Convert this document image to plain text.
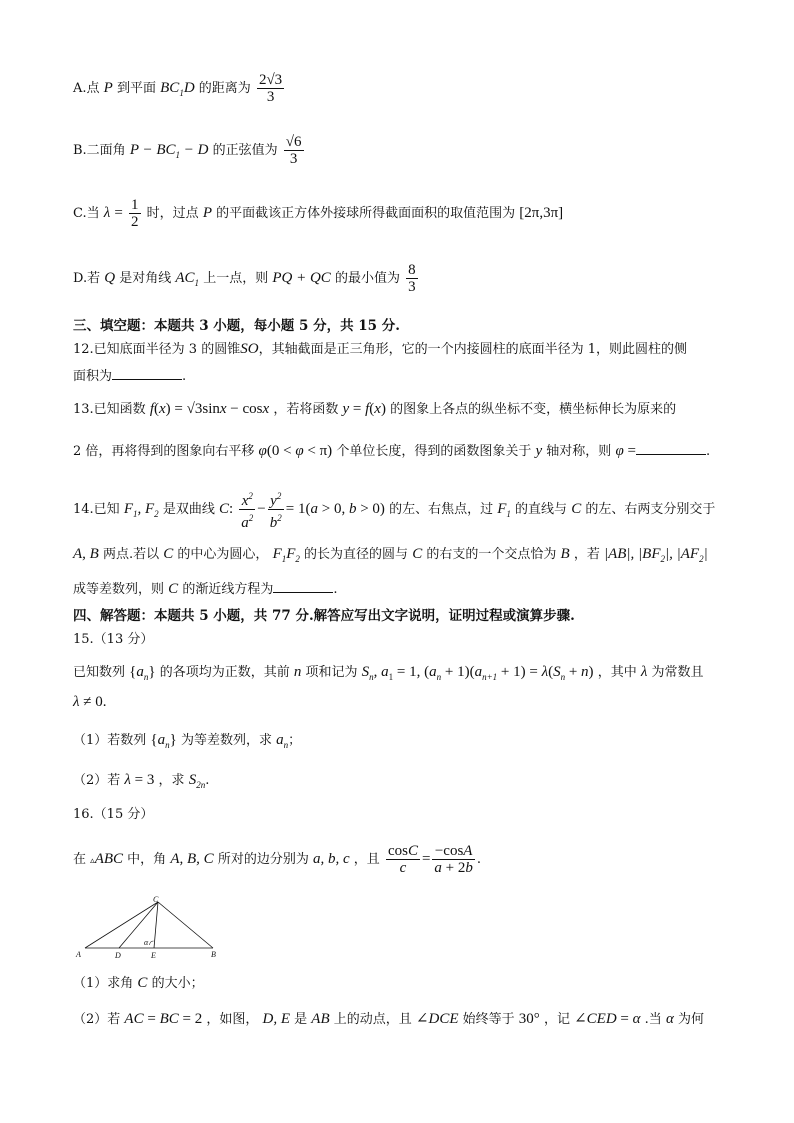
A.点 P 到平面 $BC_1D$ 的距离为 $\frac{2√3}{3}$
B.二面角 $P - BC_1 - D$ 的正弦值为 $\frac{√6}{3}$
C.当 $\lambda = \frac{1}{2}$ 时，过点 P 的平面截该正方体外接球所得截面面积的取值范围为 [2π,3π]
D.若 Q 是对角线 $AC_1$ 上一点，则 PQ + QC 的最小值为 $\frac{8}{3}$
三、填空题：本题共 3 小题，每小题 5 分，共 15 分.
12.已知底面半径为 3 的圆锥SO，其轴截面是正三角形，它的一个内接圆柱的底面半径为 1，则此圆柱的侧
面积为	.
13.已知函数 f(x) = √3sinx − cosx ，若将函数 y = f(x) 的图象上各点的纵坐标不变，横坐标伸长为原来的
2 倍，再将得到的图象向右平移 φ(0 < φ < π) 个单位长度，得到的函数图象关于 y 轴对称，则 φ =	.
14.已知 $F_1$, $F_2$ 是双曲线 C: $\frac{x^2}{a^2} - \frac{y^2}{b^2} = 1(a > 0$, b > 0) 的左、右焦点，过 $F_1$ 的直线与 C 的左、右两支分别交于
A, B 两点.若以 C 的中心为圆心， $F_1F_2$ 的长为直径的圆与 C 的右支的一个交点恰为 B ，若 |AB|, $|BF_2|$, $|AF_2|$
成等差数列，则 C 的渐近线方程为	.
四、解答题：本题共 5 小题，共 77 分.解答应写出文字说明，证明过程或演算步骤.
15.（13 分）
已知数列 $\{a_n\}$ 的各项均为正数，其前 n 项和记为 $S_n$, $a_1 = 1$, $(a_n + 1)(a_{n+1} + 1) = \lambda(S_n + n)$ ，其中 λ 为常数且
λ ≠ 0.
（1）若数列 $\{a_n\}$ 为等差数列，求 $a_n$；
（2）若 λ = 3 ，求 $S_{2n}$.
16.（15 分）
在 ▵ABC 中，角 A, B, C 所对的边分别为 a, b, c ，且 $\frac{\cos C}{c} = \frac{-\cos A}{a + 2b}$ .
C
A	D	E	B
α
（1）求角 C 的大小；
（2）若 AC = BC = 2 ，如图， D, E 是 AB 上的动点，且 ∠DCE 始终等于 30° ，记 ∠CED = α .当 α 为何
